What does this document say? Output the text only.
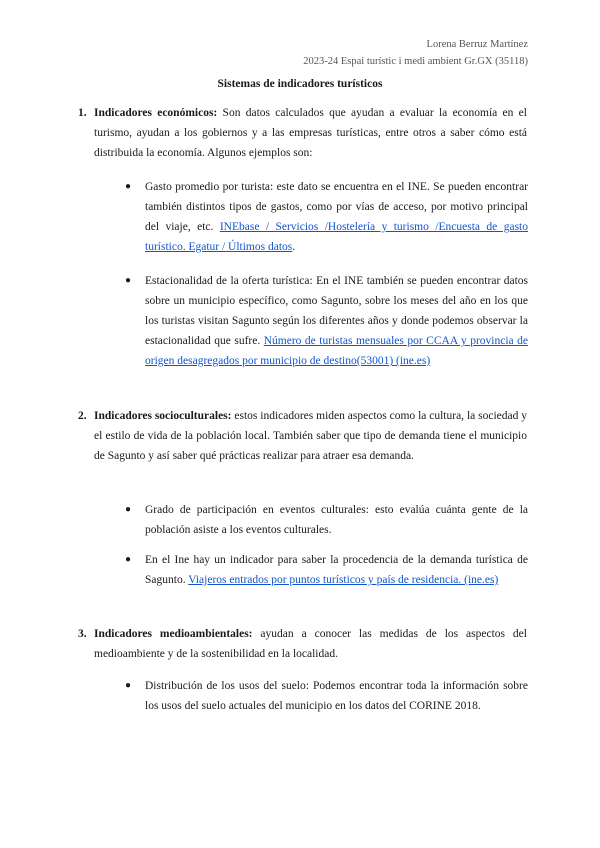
Lorena Berruz Martínez
2023-24 Espai turístic i medi ambient Gr.GX (35118)
Sistemas de indicadores turísticos
1. Indicadores económicos: Son datos calculados que ayudan a evaluar la economía en el turismo, ayudan a los gobiernos y a las empresas turísticas, entre otros a saber cómo está distribuida la economía. Algunos ejemplos son:
● Gasto promedio por turista: este dato se encuentra en el INE. Se pueden encontrar también distintos tipos de gastos, como por vías de acceso, por motivo principal del viaje, etc. INEbase / Servicios /Hostelería y turismo /Encuesta de gasto turístico. Egatur / Últimos datos.
● Estacionalidad de la oferta turística: En el INE también se pueden encontrar datos sobre un municipio específico, como Sagunto, sobre los meses del año en los que los turistas visitan Sagunto según los diferentes años y donde podemos observar la estacionalidad que sufre. Número de turistas mensuales por CCAA y provincia de origen desagregados por municipio de destino(53001) (ine.es)
2. Indicadores socioculturales: estos indicadores miden aspectos como la cultura, la sociedad y el estilo de vida de la población local. También saber que tipo de demanda tiene el municipio de Sagunto y así saber qué prácticas realizar para atraer esa demanda.
● Grado de participación en eventos culturales: esto evalúa cuánta gente de la población asiste a los eventos culturales.
● En el Ine hay un indicador para saber la procedencia de la demanda turística de Sagunto. Viajeros entrados por puntos turísticos y país de residencia. (ine.es)
3. Indicadores medioambientales: ayudan a conocer las medidas de los aspectos del medioambiente y de la sostenibilidad en la localidad.
● Distribución de los usos del suelo: Podemos encontrar toda la información sobre los usos del suelo actuales del municipio en los datos del CORINE 2018.
